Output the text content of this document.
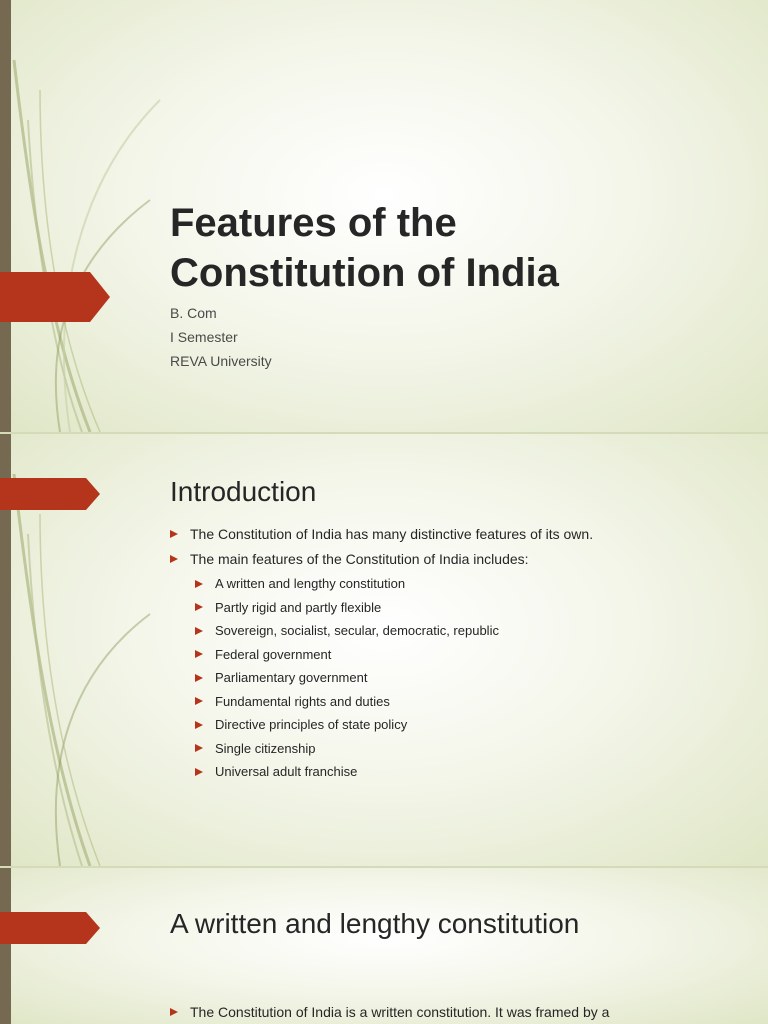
Features of the
Constitution of India
B. Com
I Semester
REVA University
Introduction
The Constitution of India has many distinctive features of its own.
The main features of the Constitution of India includes:
A written and lengthy constitution
Partly rigid and partly flexible
Sovereign, socialist, secular, democratic, republic
Federal government
Parliamentary government
Fundamental rights and duties
Directive principles of state policy
Single citizenship
Universal adult franchise
A written and lengthy constitution
The Constitution of India is a written constitution. It was framed by a
